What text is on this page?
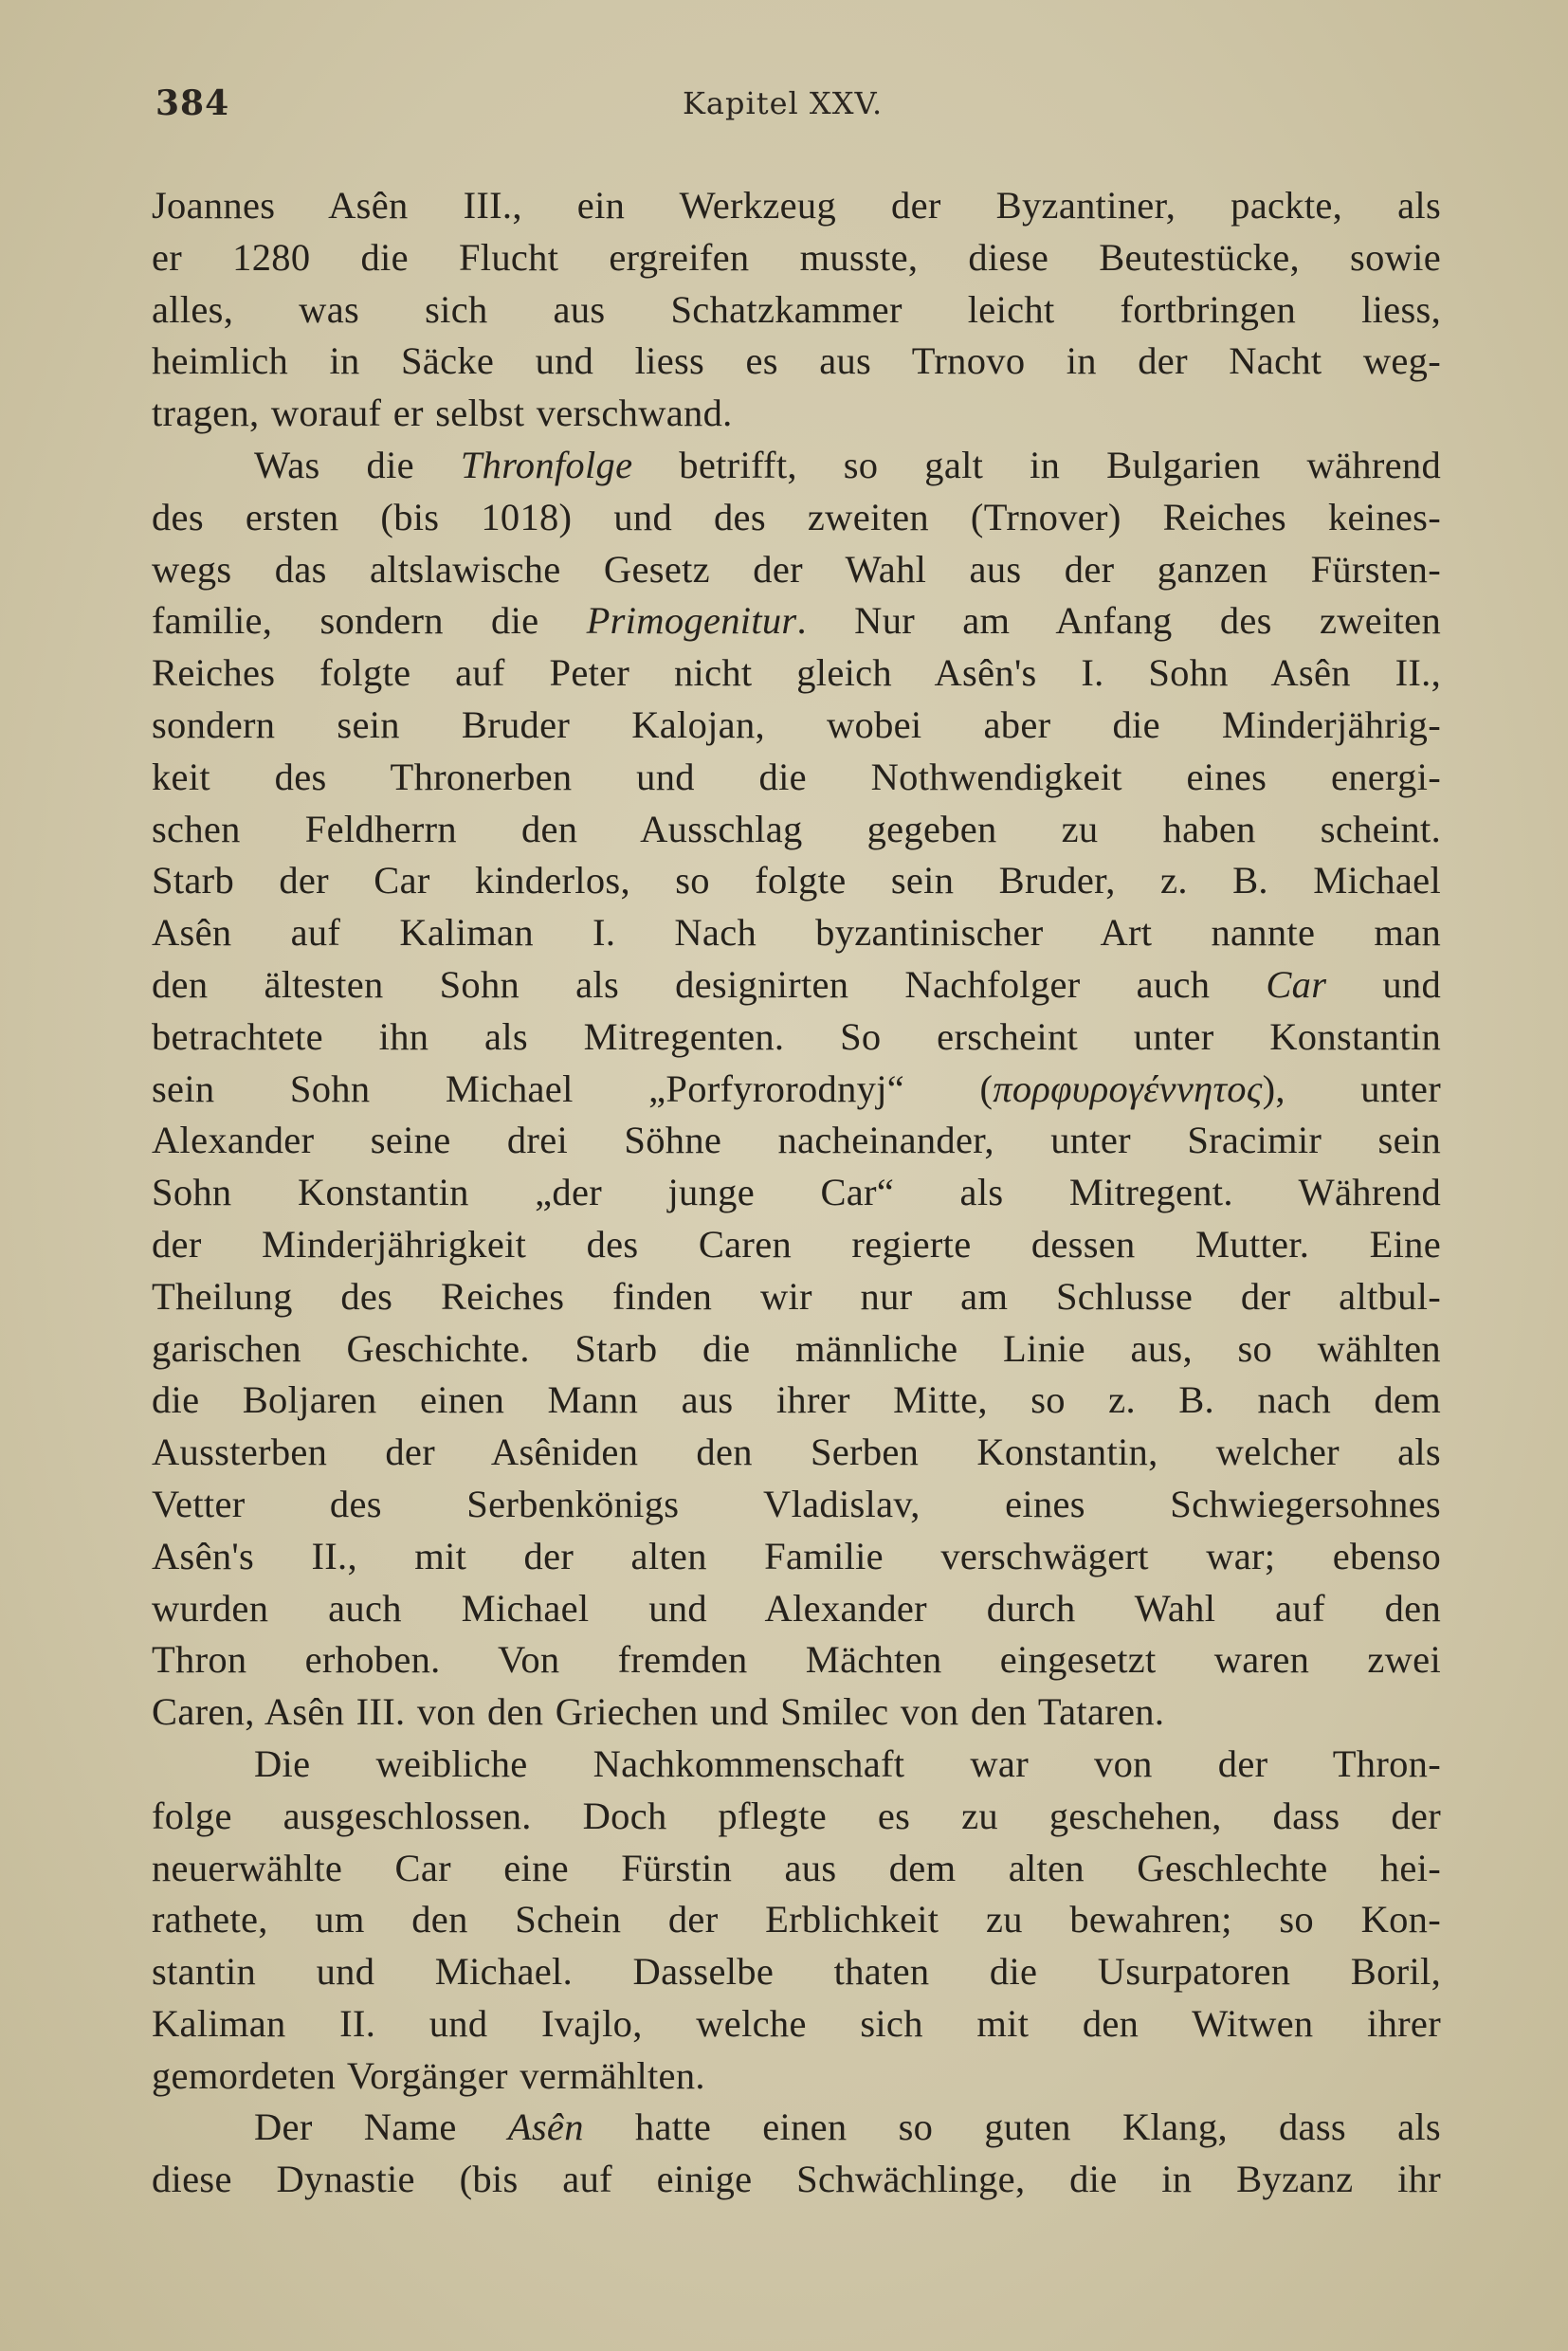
384	Kapitel XXV.
Joannes Asên III., ein Werkzeug der Byzantiner, packte, als
er 1280 die Flucht ergreifen musste, diese Beutestücke, sowie
alles, was sich aus Schatzkammer leicht fortbringen liess,
heimlich in Säcke und liess es aus Trnovo in der Nacht weg-
tragen, worauf er selbst verschwand.
Was die Thronfolge betrifft, so galt in Bulgarien während
des ersten (bis 1018) und des zweiten (Trnover) Reiches keines-
wegs das altslawische Gesetz der Wahl aus der ganzen Fürsten-
familie, sondern die Primogenitur. Nur am Anfang des zweiten
Reiches folgte auf Peter nicht gleich Asên's I. Sohn Asên II.,
sondern sein Bruder Kalojan, wobei aber die Minderjährig-
keit des Thronerben und die Nothwendigkeit eines energi-
schen Feldherrn den Ausschlag gegeben zu haben scheint.
Starb der Car kinderlos, so folgte sein Bruder, z. B. Michael
Asên auf Kaliman I. Nach byzantinischer Art nannte man
den ältesten Sohn als designirten Nachfolger auch Car und
betrachtete ihn als Mitregenten. So erscheint unter Konstantin
sein Sohn Michael „Porfyrorodnyj“ (πορφυρογέννητος), unter
Alexander seine drei Söhne nacheinander, unter Sracimir sein
Sohn Konstantin „der junge Car“ als Mitregent. Während
der Minderjährigkeit des Caren regierte dessen Mutter. Eine
Theilung des Reiches finden wir nur am Schlusse der altbul-
garischen Geschichte. Starb die männliche Linie aus, so wählten
die Boljaren einen Mann aus ihrer Mitte, so z. B. nach dem
Aussterben der Asêniden den Serben Konstantin, welcher als
Vetter des Serbenkönigs Vladislav, eines Schwiegersohnes
Asên's II., mit der alten Familie verschwägert war; ebenso
wurden auch Michael und Alexander durch Wahl auf den
Thron erhoben. Von fremden Mächten eingesetzt waren zwei
Caren, Asên III. von den Griechen und Smilec von den Tataren.
Die weibliche Nachkommenschaft war von der Thron-
folge ausgeschlossen. Doch pflegte es zu geschehen, dass der
neuerwählte Car eine Fürstin aus dem alten Geschlechte hei-
rathete, um den Schein der Erblichkeit zu bewahren; so Kon-
stantin und Michael. Dasselbe thaten die Usurpatoren Boril,
Kaliman II. und Ivajlo, welche sich mit den Witwen ihrer
gemordeten Vorgänger vermählten.
Der Name Asên hatte einen so guten Klang, dass als
diese Dynastie (bis auf einige Schwächlinge, die in Byzanz ihr
